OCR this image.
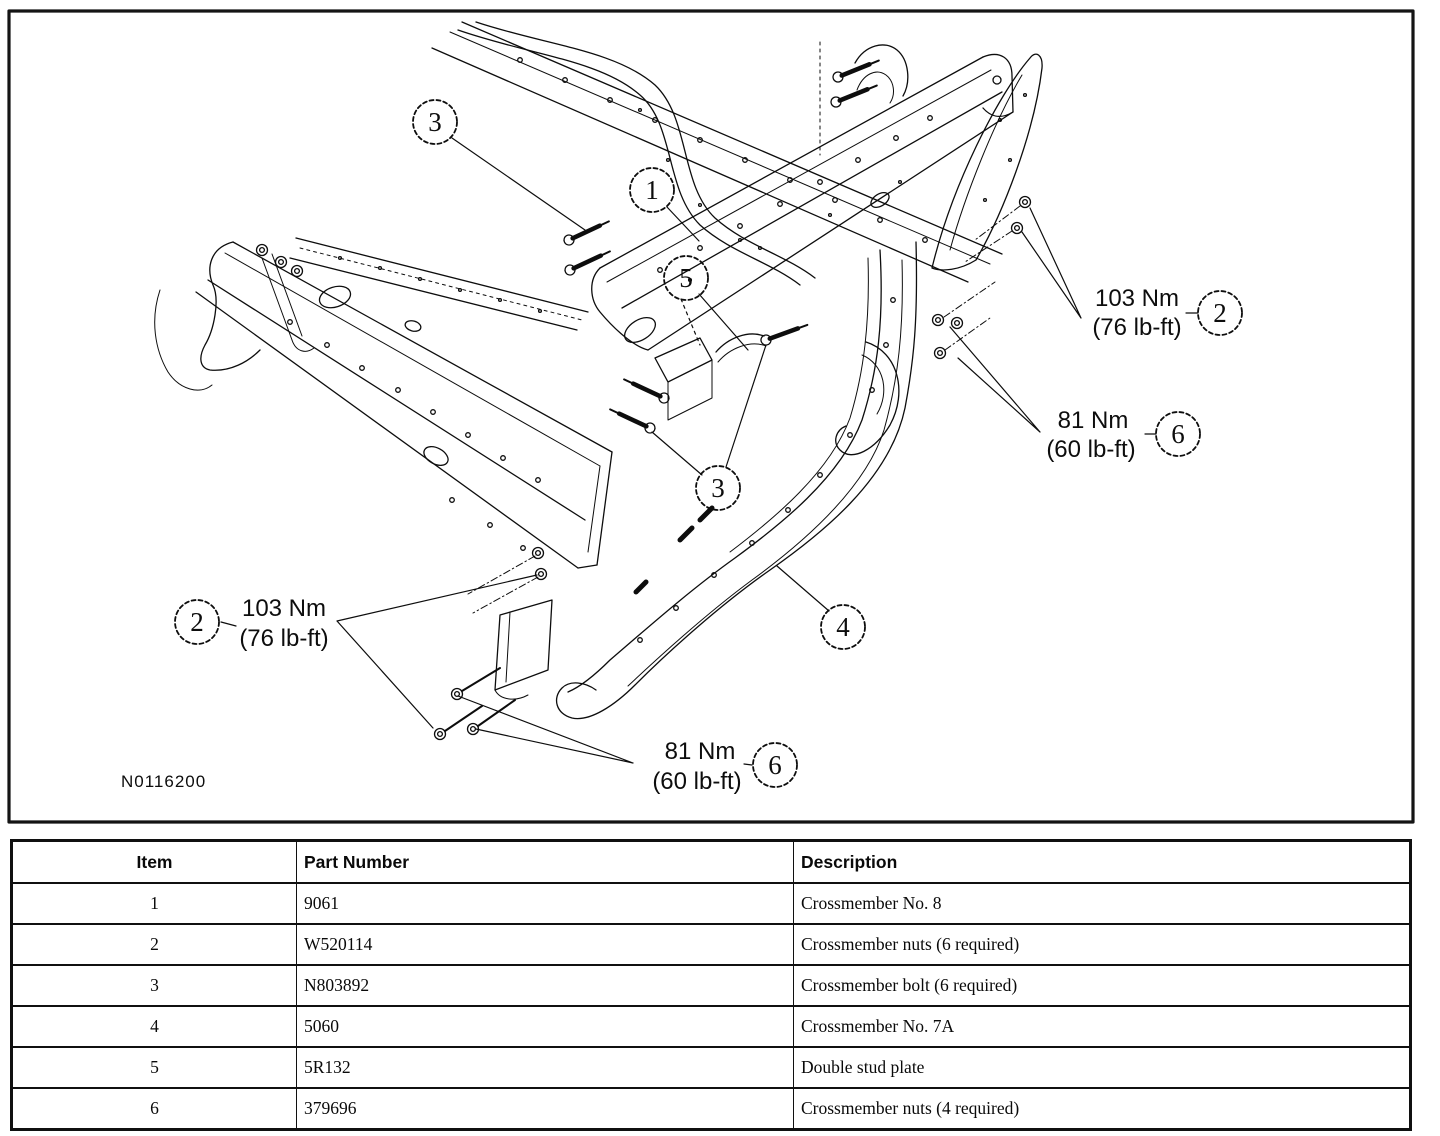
3
1
5
3
4
2
6
2
6
103 Nm
(76 lb-ft)
81 Nm
(60 lb-ft)
103 Nm
(76 lb-ft)
81 Nm
(60 lb-ft)
N0116200
Item	Part Number	Description
1	9061	Crossmember No. 8
2	W520114	Crossmember nuts (6 required)
3	N803892	Crossmember bolt (6 required)
4	5060	Crossmember No. 7A
5	5R132	Double stud plate
6	379696	Crossmember nuts (4 required)
